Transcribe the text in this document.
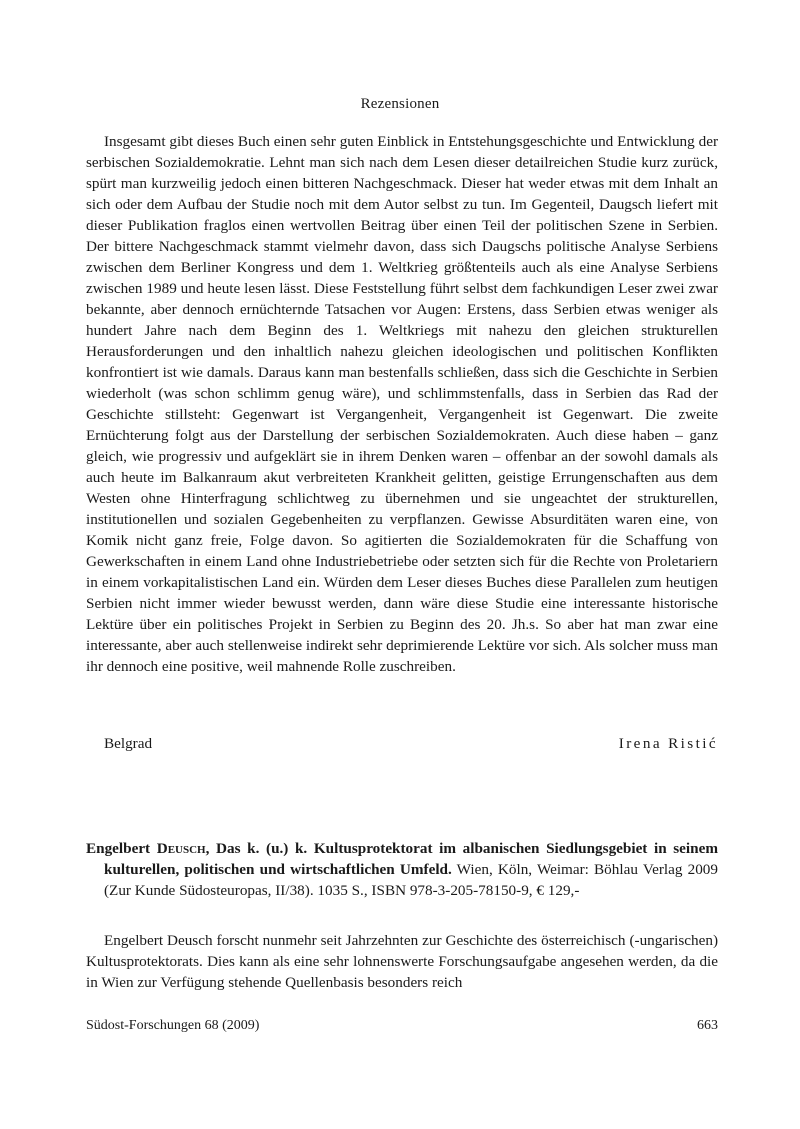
Rezensionen

Insgesamt gibt dieses Buch einen sehr guten Einblick in Entstehungsgeschichte und Entwicklung der serbischen Sozialdemokratie. Lehnt man sich nach dem Lesen dieser detailreichen Studie kurz zurück, spürt man kurzweilig jedoch einen bitteren Nachgeschmack. Dieser hat weder etwas mit dem Inhalt an sich oder dem Aufbau der Studie noch mit dem Autor selbst zu tun. Im Gegenteil, Daugsch liefert mit dieser Publikation fraglos einen wertvollen Beitrag über einen Teil der politischen Szene in Serbien. Der bittere Nachgeschmack stammt vielmehr davon, dass sich Daugschs politische Analyse Serbiens zwischen dem Berliner Kongress und dem 1. Weltkrieg größtenteils auch als eine Analyse Serbiens zwischen 1989 und heute lesen lässt. Diese Feststellung führt selbst dem fachkundigen Leser zwei zwar bekannte, aber dennoch ernüchternde Tatsachen vor Augen: Erstens, dass Serbien etwas weniger als hundert Jahre nach dem Beginn des 1. Weltkriegs mit nahezu den gleichen strukturellen Herausforderungen und den inhaltlich nahezu gleichen ideologischen und politischen Konflikten konfrontiert ist wie damals. Daraus kann man bestenfalls schließen, dass sich die Geschichte in Serbien wiederholt (was schon schlimm genug wäre), und schlimmstenfalls, dass in Serbien das Rad der Geschichte stillsteht: Gegenwart ist Vergangenheit, Vergangenheit ist Gegenwart. Die zweite Ernüchterung folgt aus der Darstellung der serbischen Sozialdemokraten. Auch diese haben – ganz gleich, wie progressiv und aufgeklärt sie in ihrem Denken waren – offenbar an der sowohl damals als auch heute im Balkanraum akut verbreiteten Krankheit gelitten, geistige Errungenschaften aus dem Westen ohne Hinterfragung schlichtweg zu übernehmen und sie ungeachtet der strukturellen, institutionellen und sozialen Gegebenheiten zu verpflanzen. Gewisse Absurditäten waren eine, von Komik nicht ganz freie, Folge davon. So agitierten die Sozialdemokraten für die Schaffung von Gewerkschaften in einem Land ohne Industriebetriebe oder setzten sich für die Rechte von Proletariern in einem vorkapitalistischen Land ein. Würden dem Leser dieses Buches diese Parallelen zum heutigen Serbien nicht immer wieder bewusst werden, dann wäre diese Studie eine interessante historische Lektüre über ein politisches Projekt in Serbien zu Beginn des 20. Jh.s. So aber hat man zwar eine interessante, aber auch stellenweise indirekt sehr deprimierende Lektüre vor sich. Als solcher muss man ihr dennoch eine positive, weil mahnende Rolle zuschreiben.

Belgrad	Irena Ristić
Engelbert Deusch, Das k. (u.) k. Kultusprotektorat im albanischen Siedlungsgebiet in seinem kulturellen, politischen und wirtschaftlichen Umfeld. Wien, Köln, Weimar: Böhlau Verlag 2009 (Zur Kunde Südosteuropas, II/38). 1035 S., ISBN 978-3-205-78150-9, € 129,-

Engelbert Deusch forscht nunmehr seit Jahrzehnten zur Geschichte des österreichisch (-ungarischen) Kultusprotektorats. Dies kann als eine sehr lohnenswerte Forschungsaufgabe angesehen werden, da die in Wien zur Verfügung stehende Quellenbasis besonders reich

Südost-Forschungen 68 (2009)	663
